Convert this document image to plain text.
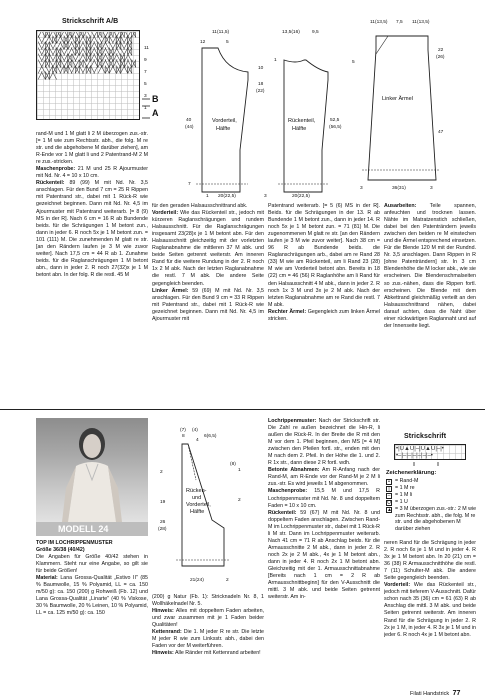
Strickschrift A/B
╱╲|╳|╱╲|╳|╱╲|╳|╱╲|╳|╱╲ ╲╱|╳|╲╱|╳|╲╱|╳|╲╱|╳|╲╱ ╱╲|╳|╱╲|╳|╱╲|╳|╱╲|╳|╱╲ ╲╱|╳|╲╱|╳|╲╱|╳|╲╱|╳|╲╱ ╱╲|╳|╱╲|╳|╱╲|╳|╱╲|╳|╱╲ ╲╱|╳|╲╱|╳|╲╱|╳|╲╱|╳|╲╱ ╱╲|╳|╱╲|╳|╱╲|╳|╱╲|╳|╱╲ ╲╱|╳|╲╱|╳|╲╱|╳|╲╱|╳|╲╱ ╱╲|╳|╱╲|╳|╱╲|╳|╱╲|╳|╱╲ ╲╱|╳|╲╱|╳|╲╱|╳|╲╱|╳|╲╱ ╱╲|╳|╱╲|╳|╱╲|╳|╱╲|╳|╱╲ ╲╱|╳|╲╱|╳|╲╱|╳|╲╱|╳|╲╱ ╱╲|╳|╱╲|╳|╱╲|╳|╱╲|╳|╱╲
11
9
7
5
3
1
B
A
12
11(11,5)
5
10
18
(22)
40
(44)
7
1 20(22,5)
Vorderteil,
Hälfte
13,5(16)	9,5
52,5
(56,5)
1
3	20(22,5)
Rückenteil,
Hälfte
11(13,5) 7,5 11(13,5)
22
(26)
47
5
3	36(31)	3
Linker Ärmel

rand-M und 1 M glatt li 2 M überzogen zus.-str. [= 1 M wie zum Rechtsstr. abh., die folg. M re str. und die abgehobene M darüber ziehen], am R-Ende vor 1 M glatt li und 2 Patentrand-M 2 M re zus.-stricken.

Maschenprobe: 21 M und 25 R Ajourmuster mit Nd. Nr. 4 = 10 x 10 cm.

Rückenteil: 89 (99) M mit Nd. Nr. 3,5 anschlagen. Für den Bund 7 cm = 25 R Rippen mit Patentrand str., dabei mit 1 Rück-R wie gezeichnet beginnen. Dann mit Nd. Nr. 4,5 im Ajourmuster mit Patentrand weiterarb. [= 8 (9) MS in der R]. Nach 6 cm = 16 R ab Bundende beids. für die Schrägungen 1 M betont zun., dann in jeder 6. R noch 5x je 1 M betont zun. = 101 (111) M. Die zunehmenden M glatt re str. [an den Rändern laufen je 3 M wie zuvor weiter]. Nach 17,5 cm = 44 R ab 1. Zunahme beids. für die Raglanschrägungen 1 M betont abn., dann in jeder 2. R noch 27(32)x je 1 M betont abn. In der folg. R die restl. 45 M

für den geraden Halsausschnittrand abk.

Vorderteil: Wie das Rückenteil str., jedoch mit kürzeren Raglanschrägungen und rundem Halsausschnitt. Für die Raglanschrägungen insgesamt 23(28)x je 1 M betont abn. Für den Halsausschnitt gleichzeitig mit der vorletzten Raglanabnahme die mittleren 37 M abk. und beide Seiten getrennt weiterstr. Am inneren Rand für die weitere Rundung in der 2. R noch 1x 2 M abk. Nach der letzten Raglanabnahme die restl. 7 M abk. Die andere Seite gegengleich beenden.

Linker Ärmel: 59 (69) M mit Nd. Nr. 3,5 anschlagen. Für den Bund 9 cm = 33 R Rippen mit Patentrand str., dabei mit 1 Rück-R wie gezeichnet beginnen. Dann mit Nd. Nr. 4,5 im Ajourmuster mit

Patentrand weiterarb. [= 5 (6) MS in der R]. Beids. für die Schrägungen in der 13. R ab Bundende 1 M betont zun., dann in jeder 14. R noch 5x je 1 M betont zun. = 71 (81) M. Die zugenommenen M glatt re str. [an den Rändern laufen je 3 M wie zuvor weiter]. Nach 38 cm = 96 R ab Bundende beids. die Raglanschrägungen arb., dabei am re Rand 28 (33) M wie am Rückenteil, am li Rand 23 (28) M wie am Vorderteil betont abn. Bereits in 18 (22) cm = 46 (56) R Raglanhöhe am li Rand für den Halsausschnitt 4 M abk., dann in jeder 2. R noch 1x 3 M und 3x je 2 M abk. Nach der letzten Raglanabnahme am re Rand die restl. 7 M abk.

Rechter Ärmel: Gegengleich zum linken Ärmel stricken.

Ausarbeiten:	Teile spannen, anfeuchten und trocknen lassen. Nähte im Matratzenstich schließen, dabei bei den Patenträndern jeweils zwischen den beiden re M einstechen und die Ärmel entsprechend einsetzen. Für die Blende 120 M mit der Rundnd. Nr. 3,5 anschlagen. Dann Rippen in R [ohne Patenträndern] str. In 3 cm Blendenhöhe die M locker abk., wie sie erscheinen. Die Blendenschmalseiten so zus.-nähen, dass die Rippen fortl. erscheinen. Die Blende mit dem Abkettrand gleichmäßig verteilt an den Halsausschnittrand nähen, dabei darauf achten, dass die Naht über einer rückwärtigen Raglannaht und auf der Innenseite liegt.

MODELL 24

TOP IM LOCHRIPPENMUSTER

Größe 36/38 (40/42)

Die Angaben für Größe 40/42 stehen in Klammern. Steht nur eine Angabe, so gilt sie für beide Größen!

Material: Lana Grossa-Qualität „Estivo II" (85 % Baumwolle, 15 % Polyamid, LL = ca. 150 m/50 g): ca. 150 (200) g Rohweiß (Fb. 12) und Lana Grossa-Qualität „Linarte" (40 % Viskose, 30 % Baumwolle, 20 % Leinen, 10 % Polyamid, LL = ca. 125 m/50 g): ca. 150

(7)
8
(4)
6(6,5)
4
(8)
1
2
2
19
26
(28)
Rücken-
und
Vorderteil,
Hälfte
21(24)	2

(200) g Natur (Fb. 1): Stricknadeln Nr. 8, 1 Wollhäkelnadel Nr. 5.

Hinweis: Alles mit doppeltem Faden arbeiten, und zwar zusammen mit je 1 Faden beider Qualitäten!

Kettenrand: Die 1. M jeder R re str. Die letzte M jeder R wie zum Linksstr. abh., dabei den Faden vor der M weiterführen.

Hinweis: Alle Ränder mit Kettenrand arbeiten!

Lochrippenmuster: Nach der Strickschrift str. Die Zahl re außen bezeichnet die Hin-R, li außen die Rück-R. In der Breite die R mit den M vor dem 1. Pfeil beginnen, den MS [= 4 M] zwischen den Pfeilen fortl. str., enden mit den M nach dem 2. Pfeil. In der Höhe die 1. und 2. R 1x str., dann diese 2 R fortl. wdh.

Betonte Abnahmen: Am R-Anfang nach der Rand-M, am R-Ende vor der Rand-M je 2 M li zus.-str. Es wird jeweils 1 M abgenommen.

Maschenprobe: 15,5 M und 17,5 R Lochrippenmuster mit Nd. Nr. 8 und doppeltem Faden = 10 x 10 cm.

Rückenteil: 59 (67) M mit Nd. Nr. 8 und doppeltem Faden anschlagen. Zwischen Rand-M im Lochrippenmuster str., dabei mit 1 Rück-R li M str. Dann im Lochrippenmuster weiterarb. Nach 41 cm = 71 R ab Anschlag beids. für die Armausschnitte 2 M abk., dann in jeder 2. R noch 2x je 2 M abk., 4x je 1 M betont abn., dann in jeder 4. R noch 2x 1 M betont abn. Gleichzeitig mit der 1. Armausschnittabnahme [Bereits nach 1 cm = 2 R ab Armausschnittbeginn] für den V-Ausschnitt die mittl. 3 M abk. und beide Seiten getrennt weiterstr. Am in-

Strickschrift
•|U▲U|–|U▲U|–|• •–|–|–|–|–|–|–•
Zeichenerklärung:
• = Rand-M
|	= 1 M re
– = 1 M li
U = 1 U
▲ = 3 M überzogen zus.-str.: 2 M wie zum Rechtsstr. abh., die folg. M re str. und die abgehobenen M darüber ziehen

neren Rand für die Schrägung in jeder 2. R noch 6x je 1 M und in jeder 4. R 3x je 1 M betont abn. In 20 (21) cm = 36 (38) R Armausschnitthöhe die restl. 7 (11) Schulter-M abk. Die andere Seite gegengleich beenden.

Vorderteil: Wie das Rückenteil str., jedoch mit tieferem V-Ausschnitt. Dafür schon nach 35 (36) cm = 61 (63) R ab Anschlag die mittl. 3 M abk. und beide Seiten getrennt weiterstr. Am inneren Rand für die Schrägung in jeder 2. R 2x je 1 M, in jeder 4. R 3x je 1 M und in jeder 6. R noch 4x je 1 M betont abn.

Filati Handstrick 77
